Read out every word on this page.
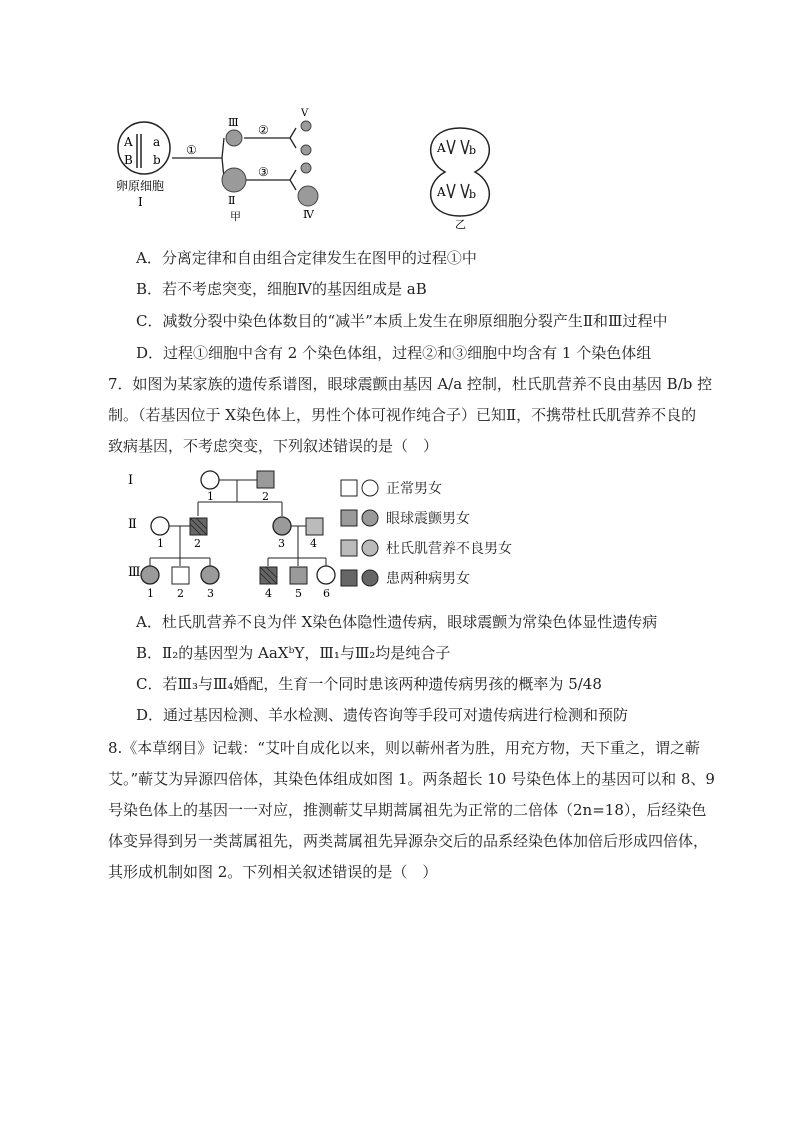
A a
B b
卵原细胞
Ⅰ
①
Ⅲ
Ⅱ
甲
②
Ⅴ
③
Ⅳ
A b
A b
乙
A．分离定律和自由组合定律发生在图甲的过程①中
B．若不考虑突变，细胞Ⅳ的基因组成是 aB
C．减数分裂中染色体数目的“减半”本质上发生在卵原细胞分裂产生Ⅱ和Ⅲ过程中
D．过程①细胞中含有 2 个染色体组，过程②和③细胞中均含有 1 个染色体组
7．如图为某家族的遗传系谱图，眼球震颤由基因 A/a 控制，杜氏肌营养不良由基因 B/b 控
制。（若基因位于 X染色体上，男性个体可视作纯合子）已知Ⅱ，不携带杜氏肌营养不良的
致病基因，不考虑突变，下列叙述错误的是（　）
Ⅰ
Ⅱ
Ⅲ
1	2
1	2	3 4
1 2 3	4 5 6
正常男女
眼球震颤男女
杜氏肌营养不良男女
患两种病男女
A．杜氏肌营养不良为伴 X染色体隐性遗传病，眼球震颤为常染色体显性遗传病
B．Ⅱ₂的基因型为 AaXᵇY，Ⅲ₁与Ⅲ₂均是纯合子
C．若Ⅲ₃与Ⅲ₄婚配，生育一个同时患该两种遗传病男孩的概率为 5/48
D．通过基因检测、羊水检测、遗传咨询等手段可对遗传病进行检测和预防
8.《本草纲目》记载：“艾叶自成化以来，则以蕲州者为胜，用充方物，天下重之，谓之蕲
艾。”蕲艾为异源四倍体，其染色体组成如图 1。两条超长 10 号染色体上的基因可以和 8、9
号染色体上的基因一一对应，推测蕲艾早期蒿属祖先为正常的二倍体（2n=18），后经染色
体变异得到另一类蒿属祖先，两类蒿属祖先异源杂交后的品系经染色体加倍后形成四倍体，
其形成机制如图 2。下列相关叙述错误的是（　）
